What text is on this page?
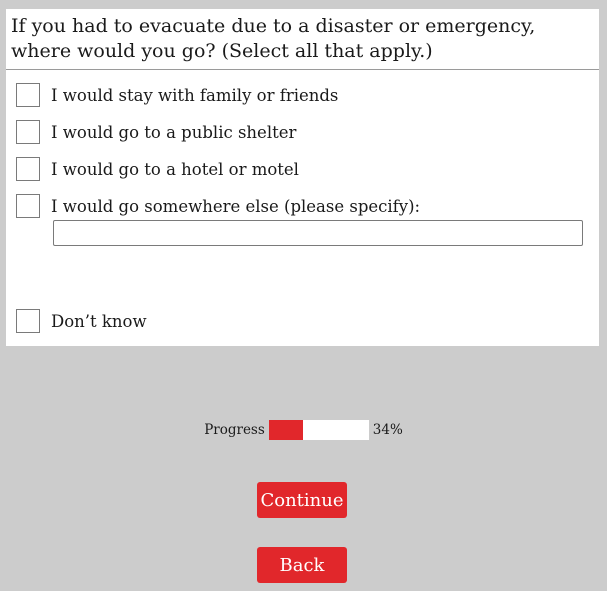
If you had to evacuate due to a disaster or emergency, where would you go? (Select all that apply.)
I would stay with family or friends
I would go to a public shelter
I would go to a hotel or motel
I would go somewhere else (please specify):
Don’t know
Progress	34%
Continue
Back
